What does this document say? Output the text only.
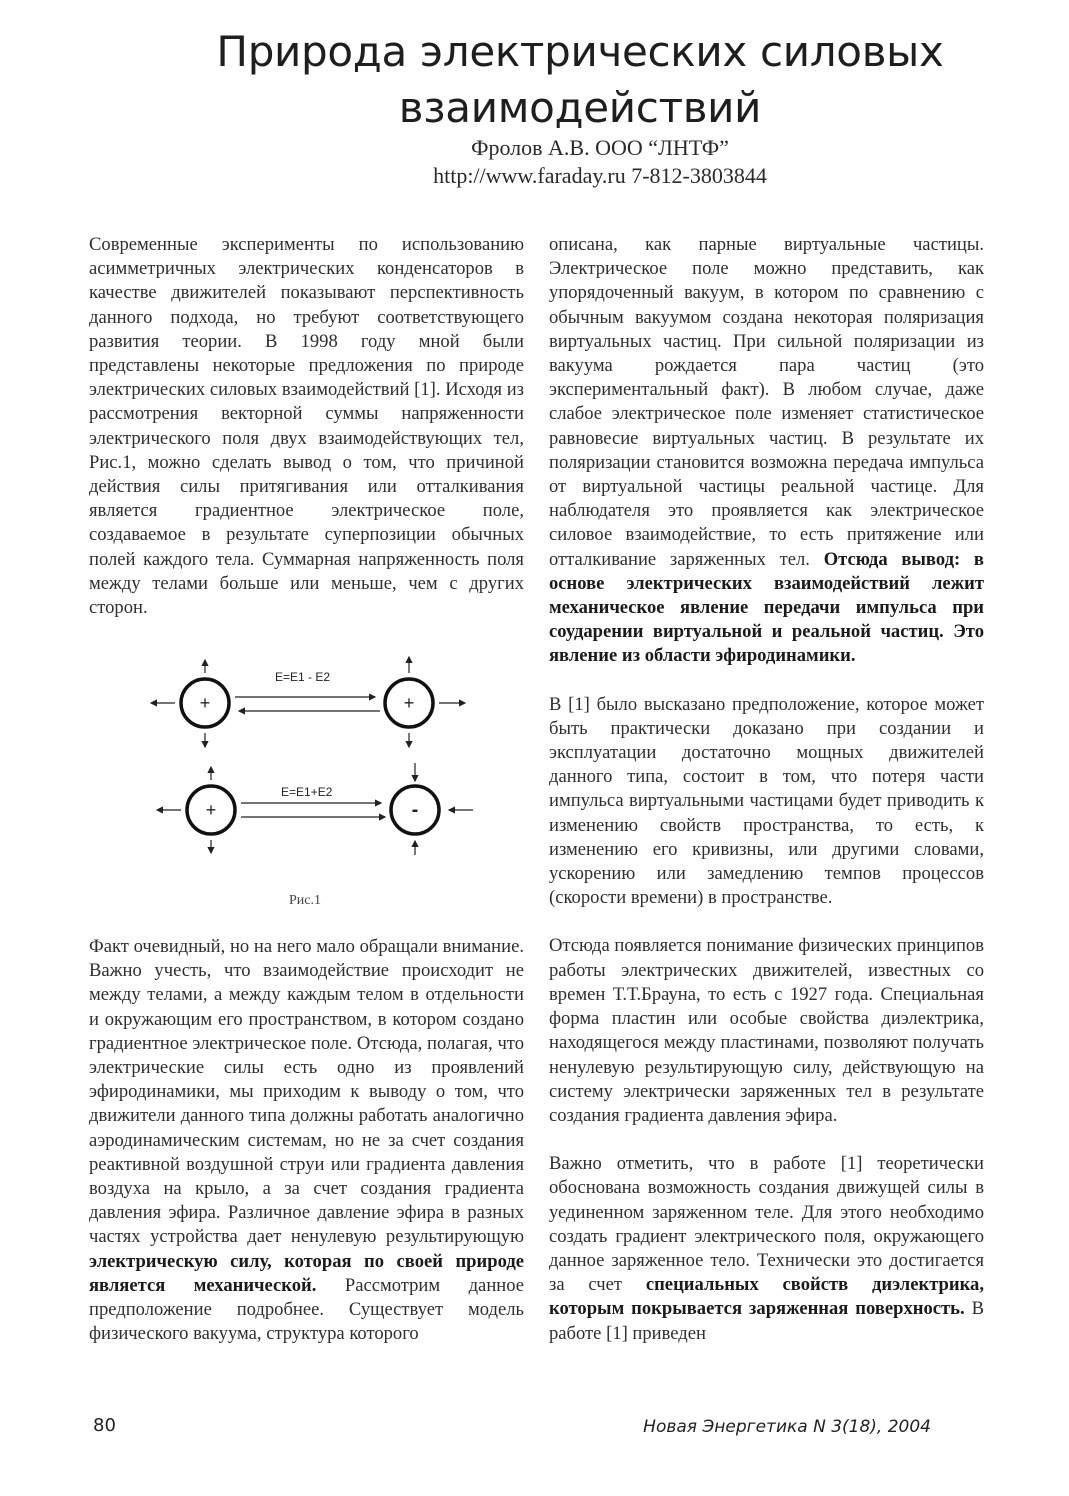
Природа электрических силовых
взаимодействий
Фролов А.В. ООО “ЛНТФ”
http://www.faraday.ru 7-812-3803844

Современные эксперименты по использованию асимметричных электрических конденсаторов в качестве движителей показывают перспективность данного подхода, но требуют соответствующего развития теории. В 1998 году мной были представлены некоторые предложения по природе электрических силовых взаимодействий [1]. Исходя из рассмотрения векторной суммы напряженности электрического поля двух взаимодействующих тел, Рис.1, можно сделать вывод о том, что причиной действия силы притягивания или отталкивания является градиентное электрическое поле, создаваемое в результате суперпозиции обычных полей каждого тела. Суммарная напряженность поля между телами больше или меньше, чем с других сторон.

+	+
+	-
E=E1 - E2
E=E1+E2
Рис.1

Факт очевидный, но на него мало обращали внимание. Важно учесть, что взаимодействие происходит не между телами, а между каждым телом в отдельности и окружающим его пространством, в котором создано градиентное электрическое поле. Отсюда, полагая, что электрические силы есть одно из проявлений эфиродинамики, мы приходим к выводу о том, что движители данного типа должны работать аналогично аэродинамическим системам, но не за счет создания реактивной воздушной струи или градиента давления воздуха на крыло, а за счет создания градиента давления эфира. Различное давление эфира в разных частях устройства дает ненулевую результирующую электрическую силу, которая по своей природе является механической. Рассмотрим данное предположение подробнее. Существует модель физического вакуума, структура которого

описана, как парные виртуальные частицы. Электрическое поле можно представить, как упорядоченный вакуум, в котором по сравнению с обычным вакуумом создана некоторая поляризация виртуальных частиц. При сильной поляризации из вакуума рождается пара частиц (это экспериментальный факт). В любом случае, даже слабое электрическое поле изменяет статистическое равновесие виртуальных частиц. В результате их поляризации становится возможна передача импульса от виртуальной частицы реальной частице. Для наблюдателя это проявляется как электрическое силовое взаимодействие, то есть притяжение или отталкивание заряженных тел. Отсюда вывод: в основе электрических взаимодействий лежит механическое явление передачи импульса при соударении виртуальной и реальной частиц. Это явление из области эфиродинамики.

В [1] было высказано предположение, которое может быть практически доказано при создании и эксплуатации достаточно мощных движителей данного типа, состоит в том, что потеря части импульса виртуальными частицами будет приводить к изменению свойств пространства, то есть, к изменению его кривизны, или другими словами, ускорению или замедлению темпов процессов (скорости времени) в пространстве.

Отсюда появляется понимание физических принципов работы электрических движителей, известных со времен Т.Т.Брауна, то есть с 1927 года. Специальная форма пластин или особые свойства диэлектрика, находящегося между пластинами, позволяют получать ненулевую результирующую силу, действующую на систему электрически заряженных тел в результате создания градиента давления эфира.

Важно отметить, что в работе [1] теоретически обоснована возможность создания движущей силы в уединенном заряженном теле. Для этого необходимо создать градиент электрического поля, окружающего данное заряженное тело. Технически это достигается за счет специальных свойств диэлектрика, которым покрывается заряженная поверхность. В работе [1] приведен

80	Новая Энергетика N 3(18), 2004
